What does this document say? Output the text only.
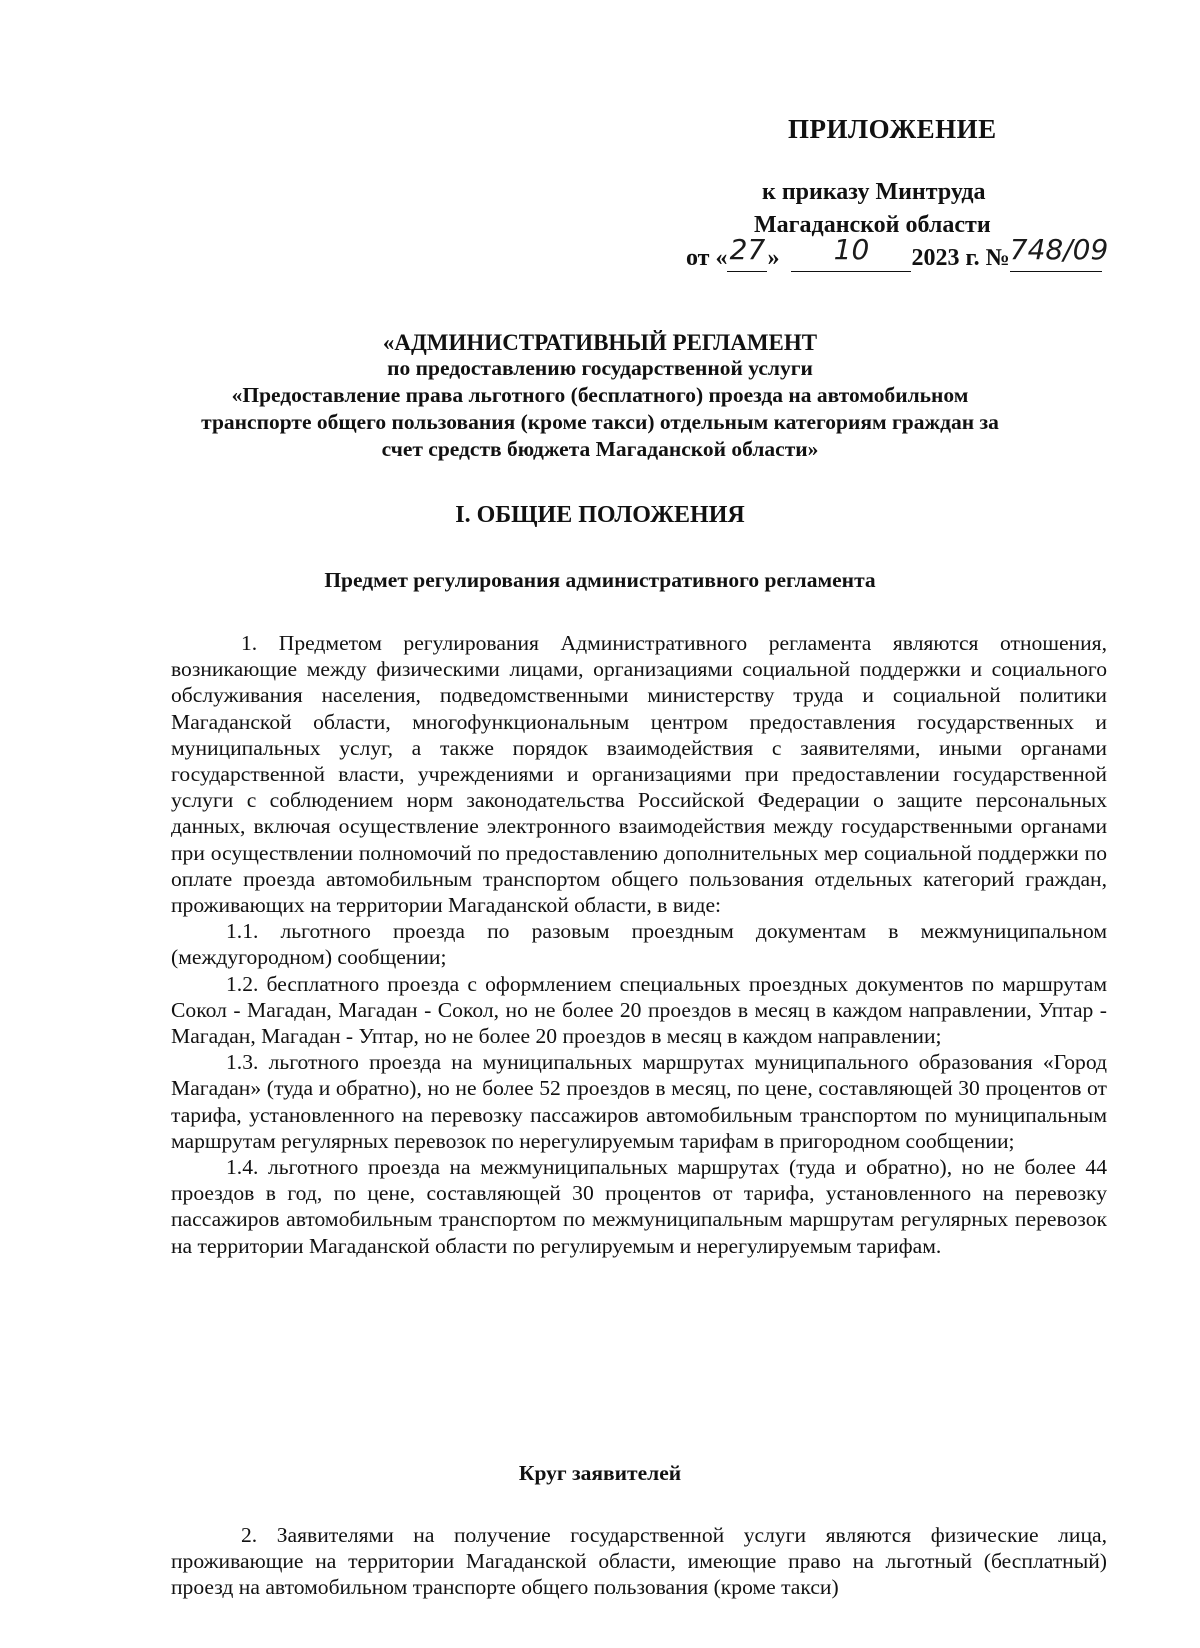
ПРИЛОЖЕНИЕ
к приказу Минтруда
Магаданской области
от «27» 10 2023 г. №748/09
«АДМИНИСТРАТИВНЫЙ РЕГЛАМЕНТ
по предоставлению государственной услуги
«Предоставление права льготного (бесплатного) проезда на автомобильном
транспорте общего пользования (кроме такси) отдельным категориям граждан за
счет средств бюджета Магаданской области»
I. ОБЩИЕ ПОЛОЖЕНИЯ
Предмет регулирования административного регламента

1. Предметом регулирования Административного регламента являются отношения, возникающие между физическими лицами, организациями социальной поддержки и социального обслуживания населения, подведомственными министерству труда и социальной политики Магаданской области, многофункциональным центром предоставления государственных и муниципальных услуг, а также порядок взаимодействия с заявителями, иными органами государственной власти, учреждениями и организациями при предоставлении государственной услуги с соблюдением норм законодательства Российской Федерации о защите персональных данных, включая осуществление электронного взаимодействия между государственными органами при осуществлении полномочий по предоставлению дополнительных мер социальной поддержки по оплате проезда автомобильным транспортом общего пользования отдельных категорий граждан, проживающих на территории Магаданской области, в виде:

1.1. льготного проезда по разовым проездным документам в межмуниципальном (междугородном) сообщении;

1.2. бесплатного проезда с оформлением специальных проездных документов по маршрутам Сокол - Магадан, Магадан - Сокол, но не более 20 проездов в месяц в каждом направлении, Уптар - Магадан, Магадан - Уптар, но не более 20 проездов в месяц в каждом направлении;

1.3. льготного проезда на муниципальных маршрутах муниципального образования «Город Магадан» (туда и обратно), но не более 52 проездов в месяц, по цене, составляющей 30 процентов от тарифа, установленного на перевозку пассажиров автомобильным транспортом по муниципальным маршрутам регулярных перевозок по нерегулируемым тарифам в пригородном сообщении;

1.4. льготного проезда на межмуниципальных маршрутах (туда и обратно), но не более 44 проездов в год, по цене, составляющей 30 процентов от тарифа, установленного на перевозку пассажиров автомобильным транспортом по межмуниципальным маршрутам регулярных перевозок на территории Магаданской области по регулируемым и нерегулируемым тарифам.

Круг заявителей

2. Заявителями на получение государственной услуги являются физические лица, проживающие на территории Магаданской области, имеющие право на льготный (бесплатный) проезд на автомобильном транспорте общего пользования (кроме такси)
